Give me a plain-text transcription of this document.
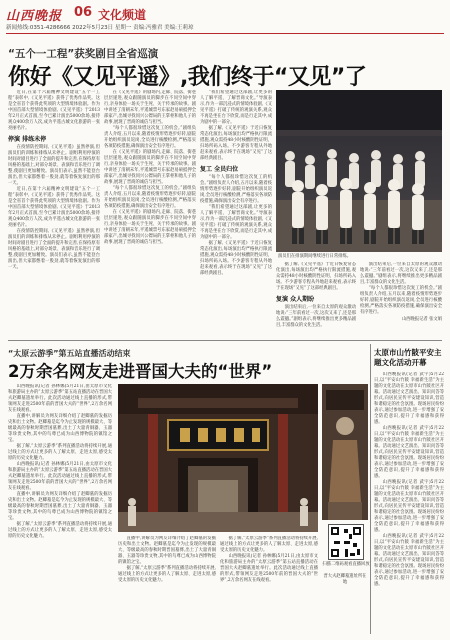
山西晚报 06 文化频道
新闻热线:0351-4286666 2022年5月23日 星期一 责编:冯雅君 美编:王莉琼
“五个一工程”获奖剧目全省巡演
你好《又见平遥》,我们终于“又见”了

近日,在第十六届精神文明建设“五个一工程”表彰中,《又见平遥》获得了优秀作品奖。这是全省首个获得此奖项的大型情境体验剧。作为中国首部大型情境体验剧,《又见平遥》于2013年2月正式首演,至今已累计演出5000余场,接待观众400余万人次,成为平遥古城文化旅游的一张亮丽名片。

停演 排练未停

在疫情防控期间,《又见平遥》虽然停演,但演员们的训练和排练从未停止。剧组利用停演的时间对剧目进行了全面的提升和完善,在保持原有风格的基础上,对部分场景、表演和音乐进行了调整,使剧目更加精致。演员们表示,虽然不能登台演出,但大家都憋着一股劲,就等着恢复演出的那一天。

近日,在第十六届精神文明建设“五个一工程”表彰中,《又见平遥》获得了优秀作品奖。这是全省首个获得此奖项的大型情境体验剧。作为中国首部大型情境体验剧,《又见平遥》于2013年2月正式首演,至今已累计演出5000余场,接待观众400余万人次,成为平遥古城文化旅游的一张亮丽名片。

在疫情防控期间,《又见平遥》虽然停演,但演员们的训练和排练从未停止。剧组利用停演的时间对剧目进行了全面的提升和完善,在保持原有风格的基础上,对部分场景、表演和音乐进行了调整,使剧目更加精致。演员们表示,虽然不能登台演出,但大家都憋着一股劲,就等着恢复演出的那一天。

在《又见平遥》的剧场内,走廊、院落、街巷层层递进,观众跟随演员的脚步在不同空间中穿行,亲身体验一场关于生死、关于传承的故事。剧中讲述了清朝末年,平遥城票号东家赵易硕抵押全部家产,出城寻找同兴公镖局的王掌柜和他儿子的故事,展现了晋商的诚信与担当。

“每个人都很珍惜这次复工的机会。”剧组负责人介绍,五月以来,随着疫情形势逐步好转,剧院开始组织演员返岗,全员进行核酸检测,严格落实各项防疫措施,确保演出安全有序进行。

在《又见平遥》的剧场内,走廊、院落、街巷层层递进,观众跟随演员的脚步在不同空间中穿行,亲身体验一场关于生死、关于传承的故事。剧中讲述了清朝末年,平遥城票号东家赵易硕抵押全部家产,出城寻找同兴公镖局的王掌柜和他儿子的故事,展现了晋商的诚信与担当。

“每个人都很珍惜这次复工的机会。”剧组负责人介绍,五月以来,随着疫情形势逐步好转,剧院开始组织演员返岗,全员进行核酸检测,严格落实各项防疫措施,确保演出安全有序进行。

在《又见平遥》的剧场内,走廊、院落、街巷层层递进,观众跟随演员的脚步在不同空间中穿行,亲身体验一场关于生死、关于传承的故事。剧中讲述了清朝末年,平遥城票号东家赵易硕抵押全部家产,出城寻找同兴公镖局的王掌柜和他儿子的故事,展现了晋商的诚信与担当。

“我们希望通过这部剧,让更多的人了解平遥、了解晋商文化。”导演表示,作为一部沉浸式的情境体验剧,《又见平遥》打破了传统的观演关系,观众不再是坐在台下欣赏,而是行走其中,成为剧中的一部分。

据了解,《又见平遥》于近日恢复常态化演出,每场演出均严格执行限流措施,观众需持48小时核酸阴性证明、扫场所码入场。不少游客专程从外地赶来观看,表示终于在现场“又见”了这部经典剧目。

复工 全员归位

“每个人都很珍惜这次复工的机会。”剧组负责人介绍,五月以来,随着疫情形势逐步好转,剧院开始组织演员返岗,全员进行核酸检测,严格落实各项防疫措施,确保演出安全有序进行。

“我们希望通过这部剧,让更多的人了解平遥、了解晋商文化。”导演表示,作为一部沉浸式的情境体验剧,《又见平遥》打破了传统的观演关系,观众不再是坐在台下欣赏,而是行走其中,成为剧中的一部分。

据了解,《又见平遥》于近日恢复常态化演出,每场演出均严格执行限流措施,观众需持48小时核酸阴性证明、扫场所码入场。不少游客专程从外地赶来观看,表示终于在现场“又见”了这部经典剧目。

演员们在排演期间继续进行日常排练。

据了解,《又见平遥》于近日恢复常态化演出,每场演出均严格执行限流措施,观众需持48小时核酸阴性证明、扫场所码入场。不少游客专程从外地赶来观看,表示终于在现场“又见”了这部经典剧目。

复演 众人期盼

演出结束后,一位来自太原的观众激动地说:“三年前看过一次,这次又来了,还是那么震撼。”剧组表示,将继续推出更多精品剧目,丰富群众的文化生活。

演出结束后,一位来自太原的观众激动地说:“三年前看过一次,这次又来了,还是那么震撼。”剧组表示,将继续推出更多精品剧目,丰富群众的文化生活。

“每个人都很珍惜这次复工的机会。”剧组负责人介绍,五月以来,随着疫情形势逐步好转,剧院开始组织演员返岗,全员进行核酸检测,严格落实各项防疫措施,确保演出安全有序进行。

山西晚报记者 张文娟
“太原云游季”第五站直播活动结束
2万余名网友走进晋国大夫的“世界”

山西晚报讯(记者 孙林娜)5月21日,由太原市文化和旅游局主办的“太原云游季”第五站直播活动在晋国大夫赵卿墓遗址举行。此次活动通过线上直播的形式,带领网友走进2500年前的晋国大夫的“世界”,2万余名网友在线观看。

直播中,讲解员为网友详细介绍了赵卿墓的发掘历史和出土文物。赵卿墓是迄今为止发现的规模最大、等级最高的春秋时期晋国墓葬,出土了大量青铜器、玉器等珍贵文物,其中的鸟尊已成为山西博物院的镇馆之宝。

据了解,“太原云游季”系列直播活动将持续开展,通过线上的方式让更多的人了解太原、走进太原,感受太原的历史文化魅力。

山西晚报讯(记者 孙林娜)5月21日,由太原市文化和旅游局主办的“太原云游季”第五站直播活动在晋国大夫赵卿墓遗址举行。此次活动通过线上直播的形式,带领网友走进2500年前的晋国大夫的“世界”,2万余名网友在线观看。

直播中,讲解员为网友详细介绍了赵卿墓的发掘历史和出土文物。赵卿墓是迄今为止发现的规模最大、等级最高的春秋时期晋国墓葬,出土了大量青铜器、玉器等珍贵文物,其中的鸟尊已成为山西博物院的镇馆之宝。

据了解,“太原云游季”系列直播活动将持续开展,通过线上的方式让更多的人了解太原、走进太原,感受太原的历史文化魅力。	直播中,讲解员为网友详细介绍了赵卿墓的发掘历史和出土文物。赵卿墓是迄今为止发现的规模最大、等级最高的春秋时期晋国墓葬,出土了大量青铜器、玉器等珍贵文物,其中的鸟尊已成为山西博物院的镇馆之宝。

据了解,“太原云游季”系列直播活动将持续开展,通过线上的方式让更多的人了解太原、走进太原,感受太原的历史文化魅力。

据了解,“太原云游季”系列直播活动将持续开展,通过线上的方式让更多的人了解太原、走进太原,感受太原的历史文化魅力。

山西晚报讯(记者 孙林娜)5月21日,由太原市文化和旅游局主办的“太原云游季”第五站直播活动在晋国大夫赵卿墓遗址举行。此次活动通过线上直播的形式,带领网友走进2500年前的晋国大夫的“世界”,2万余名网友在线观看。

扫描二维码观看直播回放
晋大夫赵卿墓遗址所在地
太原市山竹陂平安主题文化活动开幕

山西晚报讯(记者 武宇)5月22日,以“平安山竹陂 幸福新生活”为主题的文化活动在太原市山竹陂社区开幕。活动通过文艺演出、知识问答等形式,向居民宣传平安建设知识,营造和谐稳定的社会氛围。现场居民纷纷表示,通过参加活动,进一步增强了安全防范意识,提升了幸福感和获得感。

山西晚报讯(记者 武宇)5月22日,以“平安山竹陂 幸福新生活”为主题的文化活动在太原市山竹陂社区开幕。活动通过文艺演出、知识问答等形式,向居民宣传平安建设知识,营造和谐稳定的社会氛围。现场居民纷纷表示,通过参加活动,进一步增强了安全防范意识,提升了幸福感和获得感。

山西晚报讯(记者 武宇)5月22日,以“平安山竹陂 幸福新生活”为主题的文化活动在太原市山竹陂社区开幕。活动通过文艺演出、知识问答等形式,向居民宣传平安建设知识,营造和谐稳定的社会氛围。现场居民纷纷表示,通过参加活动,进一步增强了安全防范意识,提升了幸福感和获得感。

山西晚报讯(记者 武宇)5月22日,以“平安山竹陂 幸福新生活”为主题的文化活动在太原市山竹陂社区开幕。活动通过文艺演出、知识问答等形式,向居民宣传平安建设知识,营造和谐稳定的社会氛围。现场居民纷纷表示,通过参加活动,进一步增强了安全防范意识,提升了幸福感和获得感。
